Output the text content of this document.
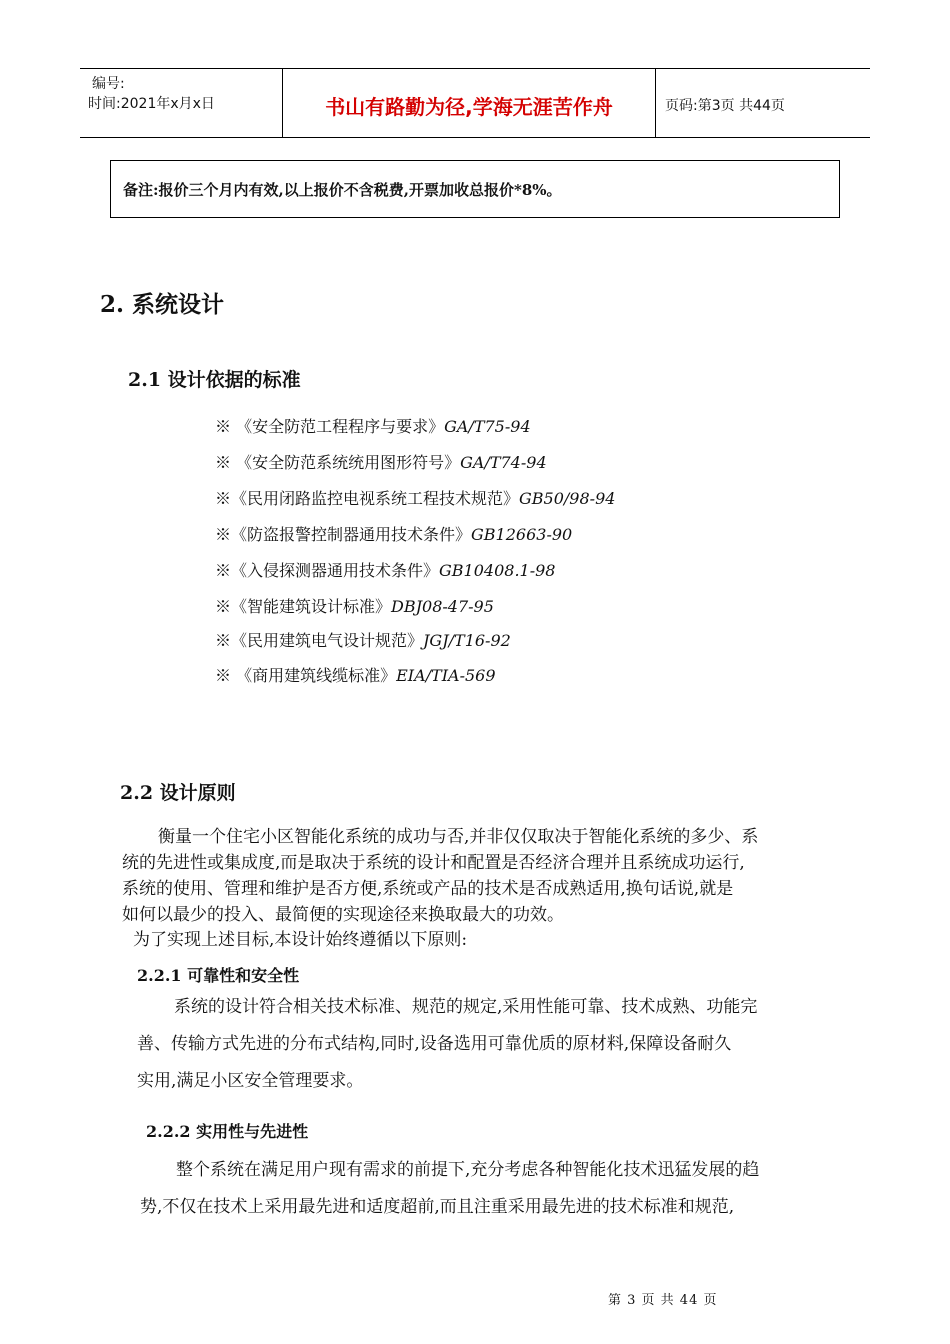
编号:
时间:2021年x月x日	书山有路勤为径,学海无涯苦作舟	页码:第3页 共44页
备注:报价三个月内有效,以上报价不含税费,开票加收总报价*8%。
2. 系统设计
2.1 设计依据的标准
※ 《安全防范工程程序与要求》GA/T75-94
※ 《安全防范系统统用图形符号》GA/T74-94
※《民用闭路监控电视系统工程技术规范》GB50/98-94
※《防盗报警控制器通用技术条件》GB12663-90
※《入侵探测器通用技术条件》GB10408.1-98
※《智能建筑设计标准》DBJ08-47-95
※《民用建筑电气设计规范》JGJ/T16-92
※ 《商用建筑线缆标准》EIA/TIA-569
2.2 设计原则
衡量一个住宅小区智能化系统的成功与否,并非仅仅取决于智能化系统的多少、系
统的先进性或集成度,而是取决于系统的设计和配置是否经济合理并且系统成功运行,
系统的使用、管理和维护是否方便,系统或产品的技术是否成熟适用,换句话说,就是
如何以最少的投入、最简便的实现途径来换取最大的功效。
为了实现上述目标,本设计始终遵循以下原则:
2.2.1 可靠性和安全性
系统的设计符合相关技术标准、规范的规定,采用性能可靠、技术成熟、功能完
善、传输方式先进的分布式结构,同时,设备选用可靠优质的原材料,保障设备耐久
实用,满足小区安全管理要求。
2.2.2 实用性与先进性
整个系统在满足用户现有需求的前提下,充分考虑各种智能化技术迅猛发展的趋
势,不仅在技术上采用最先进和适度超前,而且注重采用最先进的技术标准和规范,
第 3 页 共 44 页
